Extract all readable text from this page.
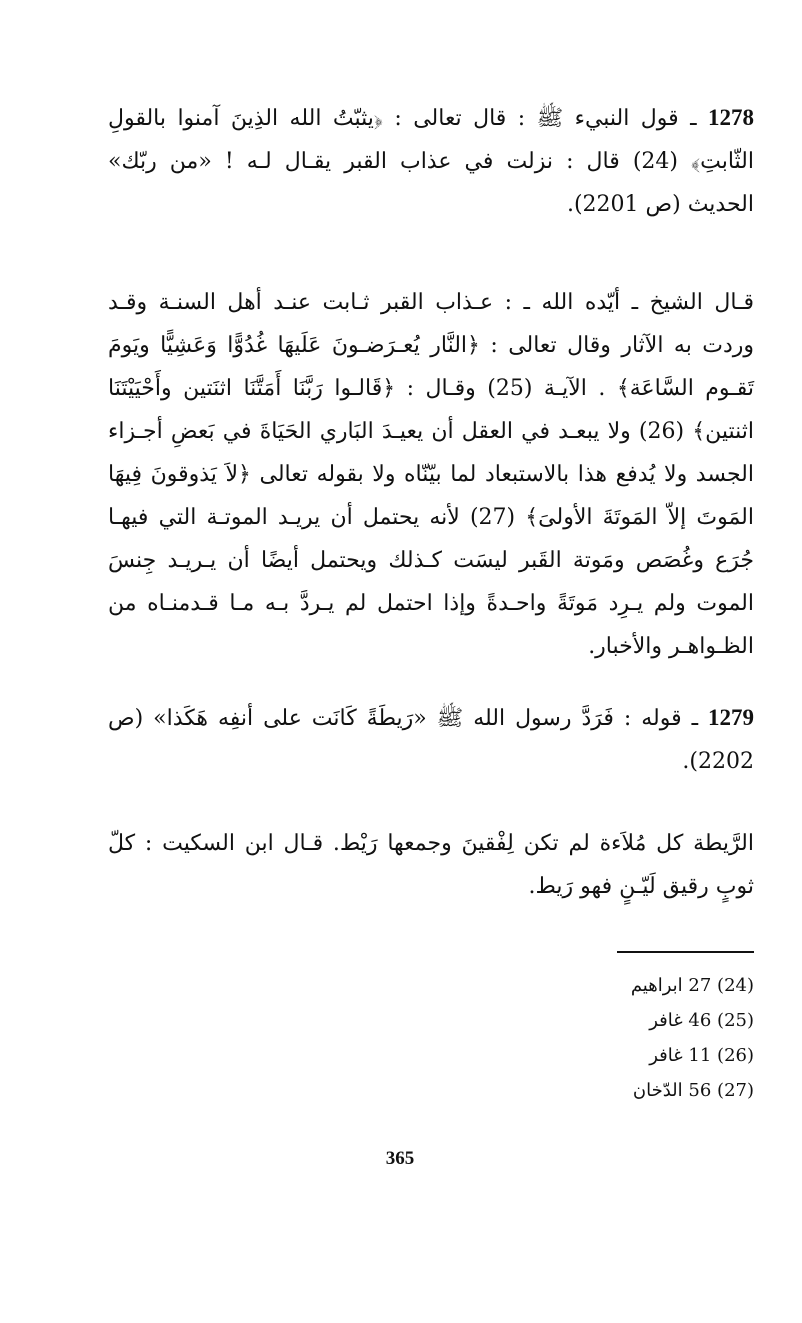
1278 ـ قول النبيء ﷺ : قال تعالى : ﴿يثبّتُ الله الذِينَ آمنوا بالقولِ الثّابتِ﴾ (24) قال : نزلت في عذاب القبر يقـال لـه ! «من ربّك» الحديث (ص 2201).

قـال الشيخ ـ أيّده الله ـ : عـذاب القبر ثـابت عنـد أهل السنـة وقـد وردت به الآثار وقال تعالى : ﴿النَّار يُعـرَضـونَ عَلَيهَا غُدُوًّا وَعَشِيًّا ويَومَ تَقـوم السَّاعَة﴾ . الآيـة (25) وقـال : ﴿قَالـوا رَبَّنَا أَمَتَّنَا اثنَتين وأَحْيَيْتَنَا اثنتين﴾ (26) ولا يبعـد في العقل أن يعيـدَ البَاري الحَيَاةَ في بَعضِ أجـزاء الجسد ولا يُدفع هذا بالاستبعاد لما بيّنّاه ولا بقوله تعالى ﴿لاَ يَذوقونَ فِيهَا المَوتَ إلاّ المَوتَةَ الأولىَ﴾ (27) لأنه يحتمل أن يريـد الموتـة التي فيهـا جُرَع وغُصَص ومَوتة القَبر ليسَت كـذلك ويحتمل أيضًا أن يـريـد جِنسَ الموت ولم يـرِد مَوتَةً واحـدةً وإذا احتمل لم يـردَّ بـه مـا قـدمنـاه من الظـواهـر والأخبار.

1279 ـ قوله : فَرَدَّ رسول الله ﷺ «رَيطَةً كَانَت على أنفِه هَكَذا» (ص 2202).

الرَّيطة كل مُلاَءة لم تكن لِفْقينَ وجمعها رَيْط. قـال ابن السكيت : كلّ ثوبٍ رقيق لَيّـنٍ فهو رَيط.

(24) 27 ابراهيم
(25) 46 غافر
(26) 11 غافر
(27) 56 الدّخان
365
